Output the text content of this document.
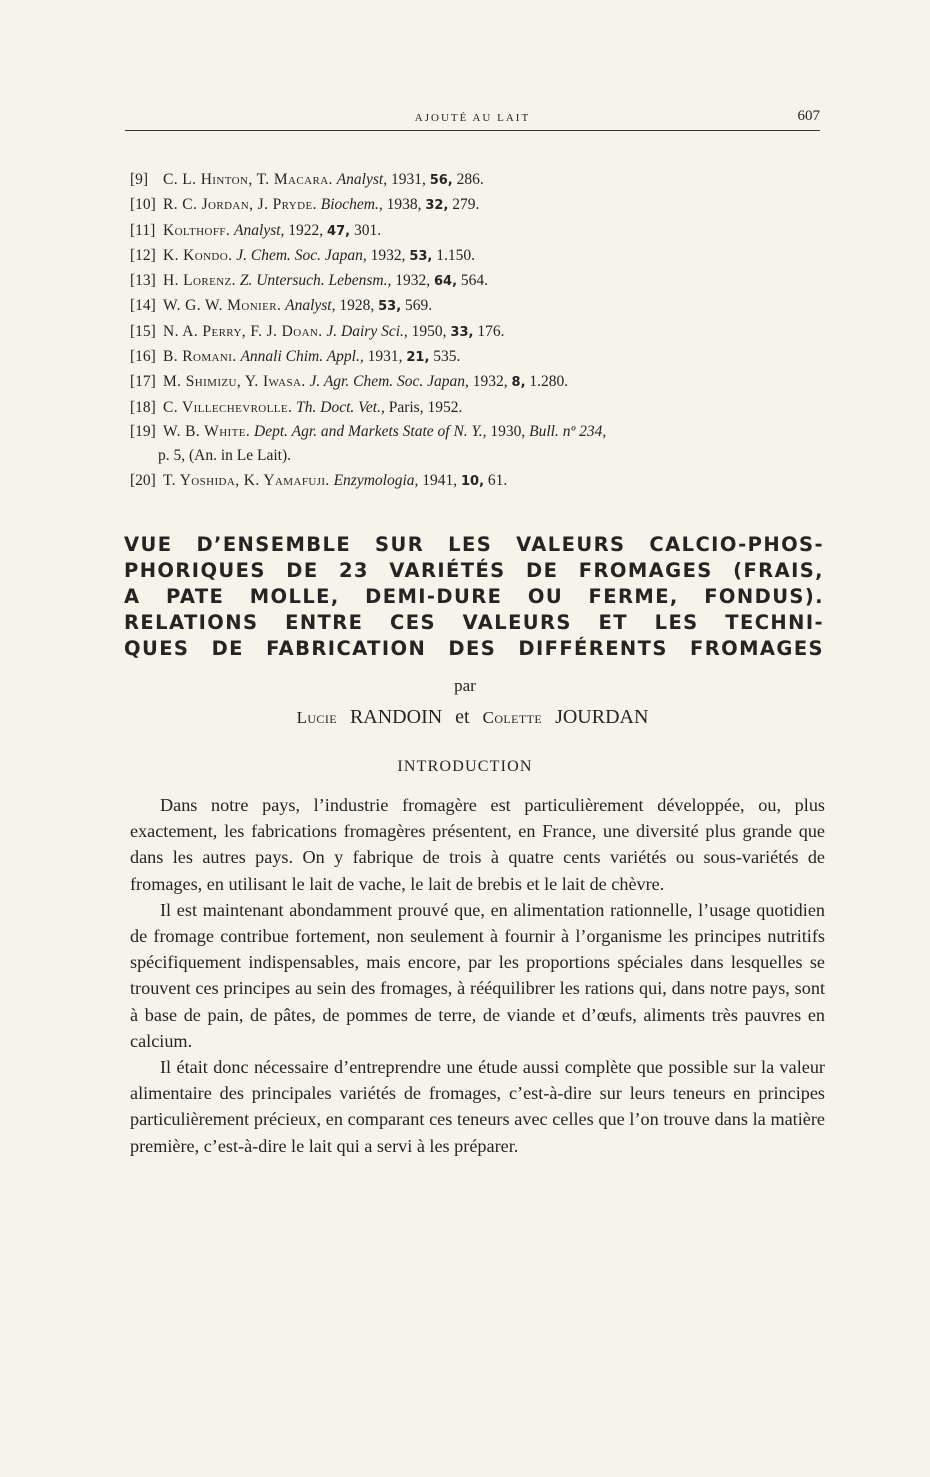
AJOUTÉ AU LAIT	607
[9] C. L. Hinton, T. Macara. Analyst, 1931, 56, 286.
[10] R. C. Jordan, J. Pryde. Biochem., 1938, 32, 279.
[11] Kolthoff. Analyst, 1922, 47, 301.
[12] K. Kondo. J. Chem. Soc. Japan, 1932, 53, 1.150.
[13] H. Lorenz. Z. Untersuch. Lebensm., 1932, 64, 564.
[14] W. G. W. Monier. Analyst, 1928, 53, 569.
[15] N. A. Perry, F. J. Doan. J. Dairy Sci., 1950, 33, 176.
[16] B. Romani. Annali Chim. Appl., 1931, 21, 535.
[17] M. Shimizu, Y. Iwasa. J. Agr. Chem. Soc. Japan, 1932, 8, 1.280.
[18] C. Villechevrolle. Th. Doct. Vet., Paris, 1952.
[19] W. B. White. Dept. Agr. and Markets State of N. Y., 1930, Bull. nº 234,
p. 5, (An. in Le Lait).
[20] T. Yoshida, K. Yamafuji. Enzymologia, 1941, 10, 61.
VUE D’ENSEMBLE SUR LES VALEURS CALCIO-PHOS-
PHORIQUES DE 23 VARIÉTÉS DE FROMAGES (FRAIS,
A PATE MOLLE, DEMI-DURE OU FERME, FONDUS).
RELATIONS ENTRE CES VALEURS ET LES TECHNI-
QUES DE FABRICATION DES DIFFÉRENTS FROMAGES
par
Lucie RANDOIN et Colette JOURDAN
INTRODUCTION

Dans notre pays, l’industrie fromagère est particulièrement développée, ou, plus exactement, les fabrications fromagères présentent, en France, une diversité plus grande que dans les autres pays. On y fabrique de trois à quatre cents variétés ou sous-variétés de fromages, en utilisant le lait de vache, le lait de brebis et le lait de chèvre.

Il est maintenant abondamment prouvé que, en alimentation rationnelle, l’usage quotidien de fromage contribue fortement, non seulement à fournir à l’organisme les principes nutritifs spécifiquement indispensables, mais encore, par les proportions spéciales dans lesquelles se trouvent ces principes au sein des fromages, à rééquilibrer les rations qui, dans notre pays, sont à base de pain, de pâtes, de pommes de terre, de viande et d’œufs, aliments très pauvres en calcium.

Il était donc nécessaire d’entreprendre une étude aussi complète que possible sur la valeur alimentaire des principales variétés de fromages, c’est-à-dire sur leurs teneurs en principes particulièrement précieux, en comparant ces teneurs avec celles que l’on trouve dans la matière première, c’est-à-dire le lait qui a servi à les préparer.
